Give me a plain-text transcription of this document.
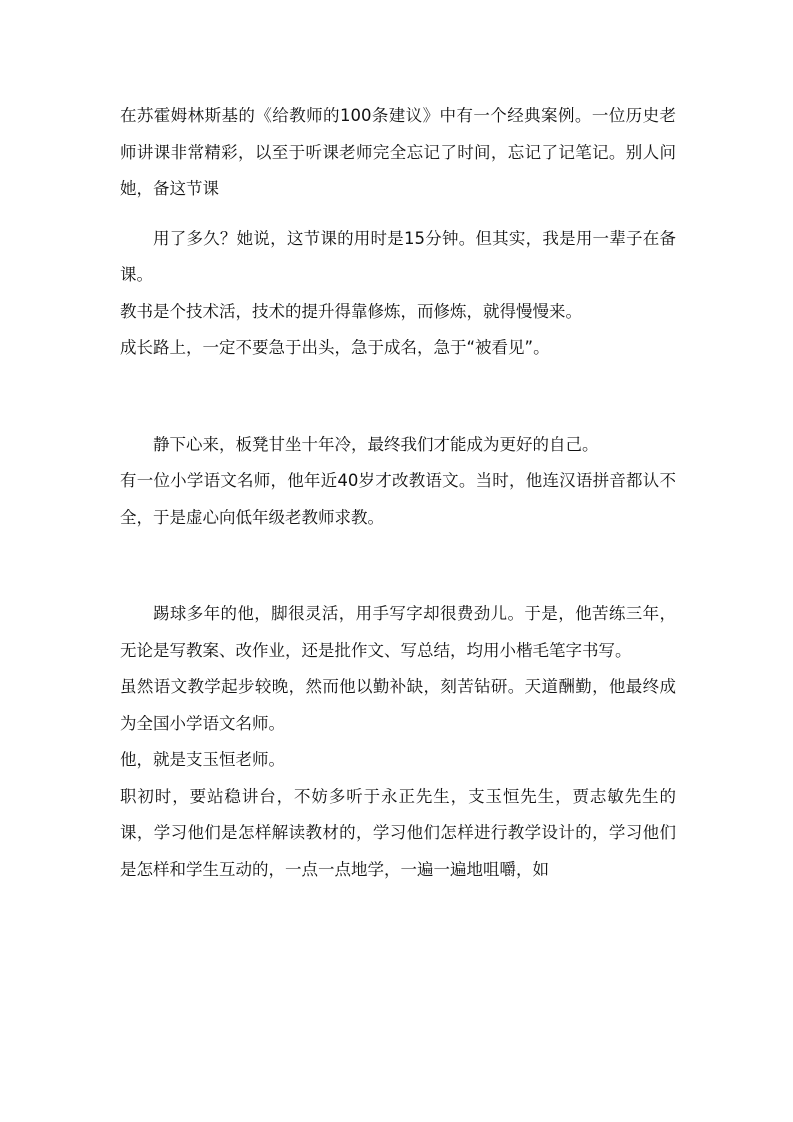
在苏霍姆林斯基的《给教师的100条建议》中有一个经典案例。一位历史老师讲课非常精彩，以至于听课老师完全忘记了时间，忘记了记笔记。别人问她，备这节课

用了多久？她说，这节课的用时是15分钟。但其实，我是用一辈子在备课。

教书是个技术活，技术的提升得靠修炼，而修炼，就得慢慢来。

成长路上，一定不要急于出头，急于成名，急于“被看见”。

静下心来，板凳甘坐十年冷，最终我们才能成为更好的自己。

有一位小学语文名师，他年近40岁才改教语文。当时，他连汉语拼音都认不全，于是虚心向低年级老教师求教。

踢球多年的他，脚很灵活，用手写字却很费劲儿。于是，他苦练三年，无论是写教案、改作业，还是批作文、写总结，均用小楷毛笔字书写。

虽然语文教学起步较晚，然而他以勤补缺，刻苦钻研。天道酬勤，他最终成为全国小学语文名师。

他，就是支玉恒老师。

职初时，要站稳讲台，不妨多听于永正先生，支玉恒先生，贾志敏先生的课，学习他们是怎样解读教材的，学习他们怎样进行教学设计的，学习他们是怎样和学生互动的，一点一点地学，一遍一遍地咀嚼，如
